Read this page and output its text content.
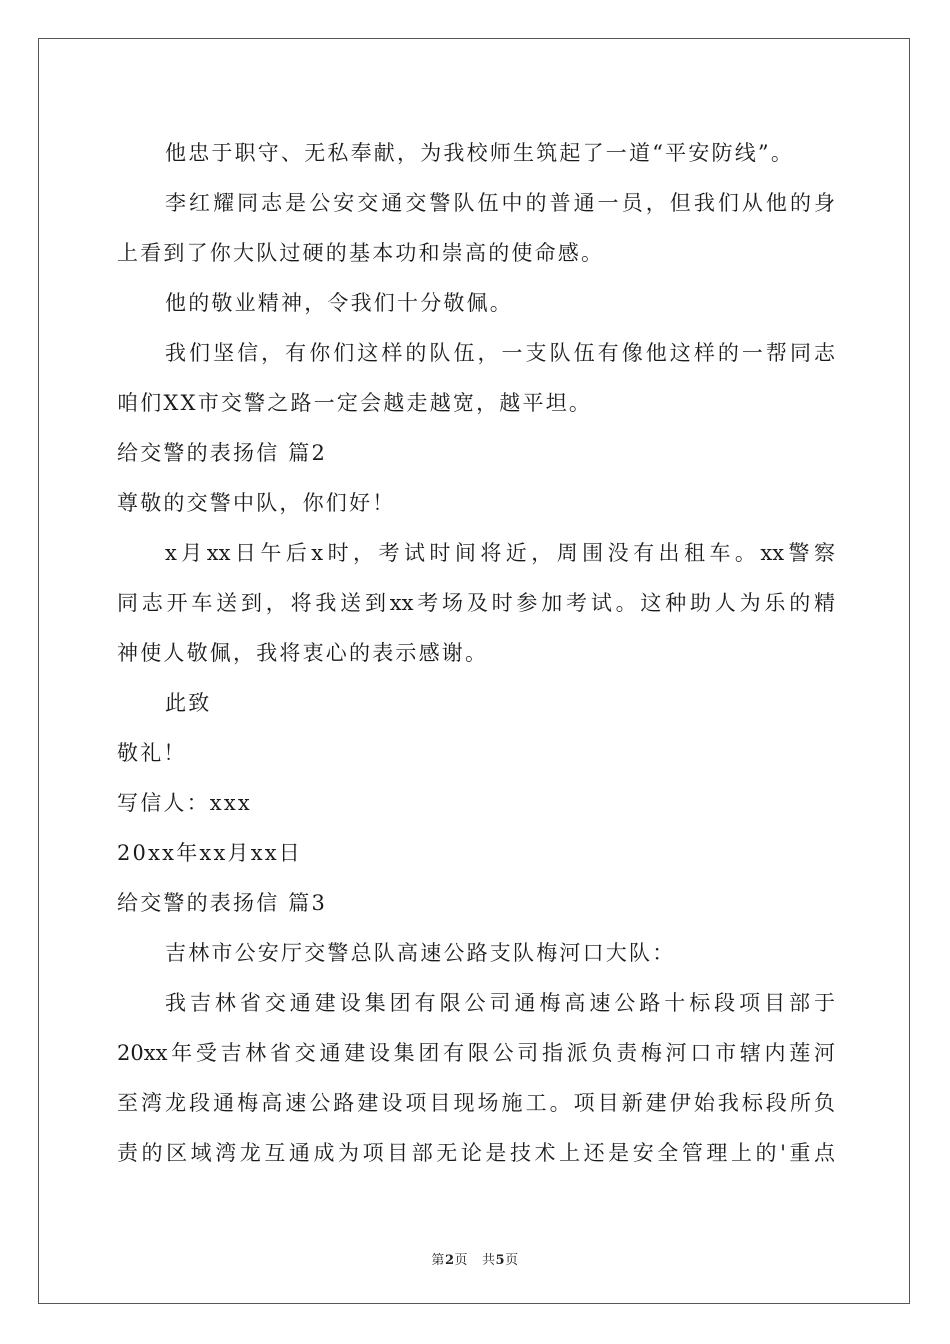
他忠于职守、无私奉献，为我校师生筑起了一道“平安防线”。
李红耀同志是公安交通交警队伍中的普通一员，但我们从他的身
上看到了你大队过硬的基本功和崇高的使命感。
他的敬业精神，令我们十分敬佩。
我们坚信，有你们这样的队伍，一支队伍有像他这样的一帮同志
咱们XX市交警之路一定会越走越宽，越平坦。
给交警的表扬信 篇2
尊敬的交警中队，你们好！
x月xx日午后x时，考试时间将近，周围没有出租车。xx警察
同志开车送到，将我送到xx考场及时参加考试。这种助人为乐的精
神使人敬佩，我将衷心的表示感谢。
此致
敬礼！
写信人：xxx
20xx年xx月xx日
给交警的表扬信 篇3
吉林市公安厅交警总队高速公路支队梅河口大队：
我吉林省交通建设集团有限公司通梅高速公路十标段项目部于
20xx年受吉林省交通建设集团有限公司指派负责梅河口市辖内莲河
至湾龙段通梅高速公路建设项目现场施工。项目新建伊始我标段所负
责的区域湾龙互通成为项目部无论是技术上还是安全管理上的'重点
第2页 共5页
